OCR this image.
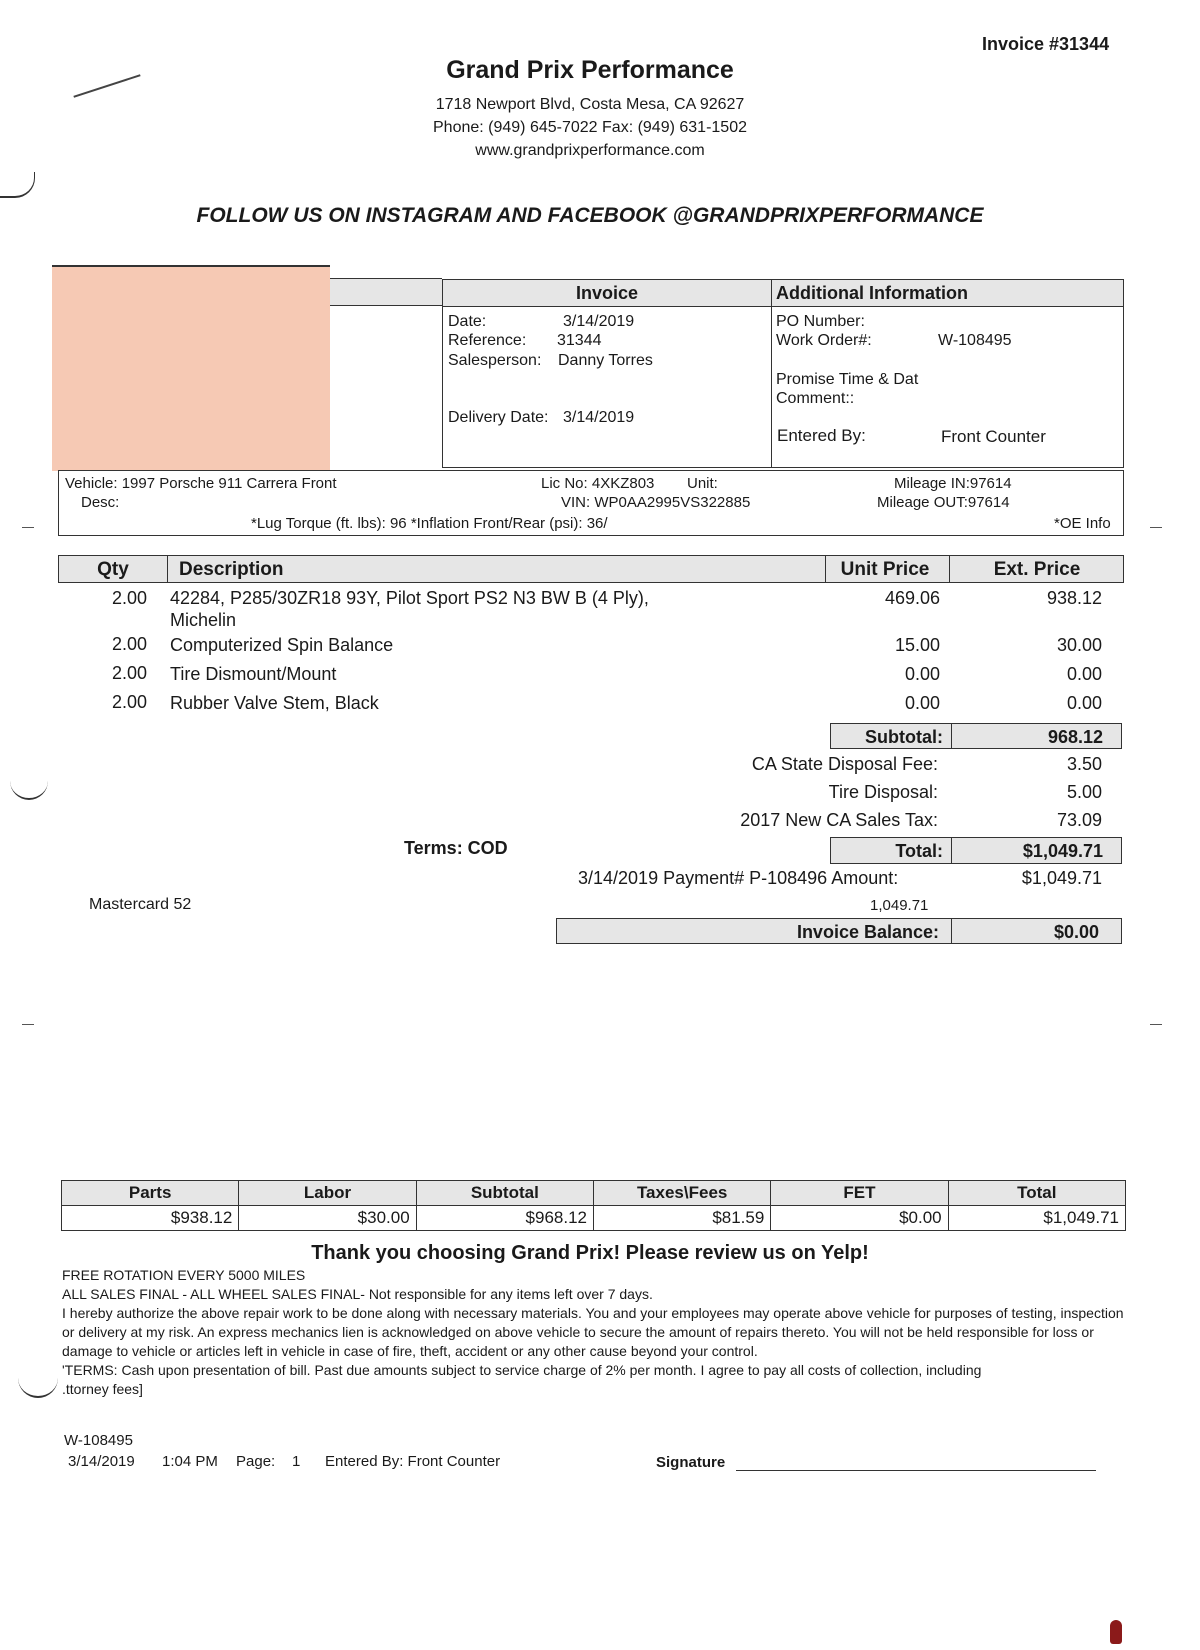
Invoice #31344
Grand Prix Performance
1718 Newport Blvd, Costa Mesa, CA 92627
Phone: (949) 645-7022 Fax: (949) 631-1502
www.grandprixperformance.com
FOLLOW US ON INSTAGRAM AND FACEBOOK @GRANDPRIXPERFORMANCE
Invoice
Date:	3/14/2019
Reference: 31344
Salesperson: Danny Torres
Delivery Date: 3/14/2019
Additional Information
PO Number:
Work Order#:	W-108495
Promise Time & Dat
Comment::
Entered By:	Front Counter
Vehicle: 1997 Porsche 911 Carrera Front
Desc:
Lic No: 4XKZ803 Unit:
VIN: WP0AA2995VS322885
Mileage IN:97614
Mileage OUT:97614
*Lug Torque (ft. lbs): 96 *Inflation Front/Rear (psi): 36/	*OE Info
Qty	Description	Unit Price	Ext. Price
2.00 42284, P285/30ZR18 93Y, Pilot Sport PS2 N3 BW B (4 Ply),
Michelin
469.06	938.12
2.00 Computerized Spin Balance	15.00	30.00
2.00 Tire Dismount/Mount	0.00	0.00
2.00 Rubber Valve Stem, Black	0.00	0.00
Subtotal:	968.12
CA State Disposal Fee:	3.50
Tire Disposal:	5.00
2017 New CA Sales Tax:	73.09
Terms: COD	Total:	$1,049.71
3/14/2019 Payment# P-108496 Amount:	$1,049.71
1,049.71
Mastercard 52
Invoice Balance:	$0.00
Parts	Labor	Subtotal	Taxes\Fees	FET	Total
$938.12	$30.00	$968.12	$81.59	$0.00	$1,049.71
Thank you choosing Grand Prix! Please review us on Yelp!
FREE ROTATION EVERY 5000 MILES
ALL SALES FINAL - ALL WHEEL SALES FINAL- Not responsible for any items left over 7 days.
I hereby authorize the above repair work to be done along with necessary materials. You and your employees may operate above vehicle for purposes of testing, inspection or delivery at my risk. An express mechanics lien is acknowledged on above vehicle to secure the amount of repairs thereto. You will not be held responsible for loss or damage to vehicle or articles left in vehicle in case of fire, theft, accident or any other cause beyond your control.
'TERMS: Cash upon presentation of bill. Past due amounts subject to service charge of 2% per month. I agree to pay all costs of collection, including
.ttorney fees]
W-108495
3/14/2019 1:04 PM Page: 1 Entered By: Front Counter	Signature
